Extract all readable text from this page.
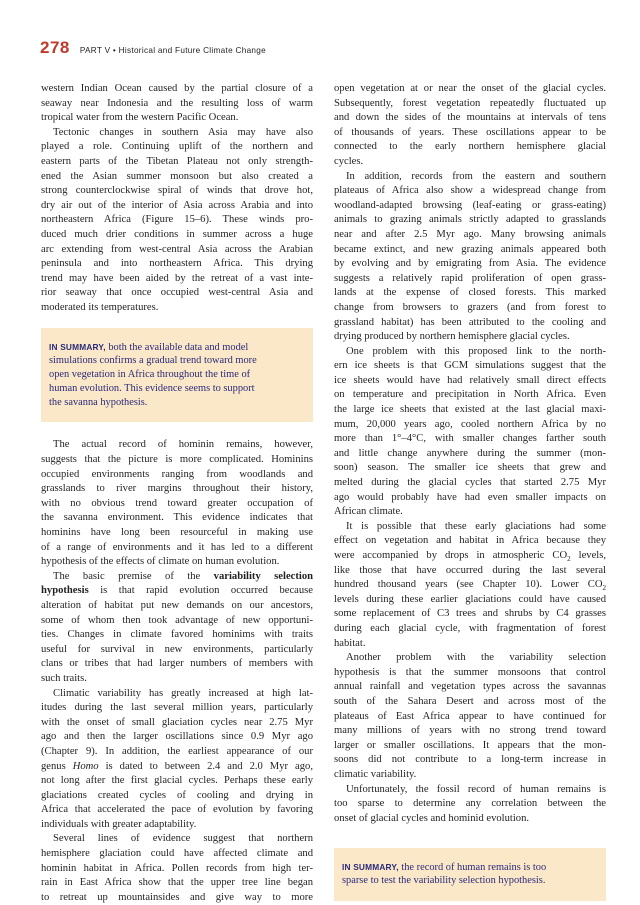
278 PART V • Historical and Future Climate Change
western Indian Ocean caused by the partial closure of a
seaway near Indonesia and the resulting loss of warm
tropical water from the western Pacific Ocean.
Tectonic changes in southern Asia may have also
played a role. Continuing uplift of the northern and
eastern parts of the Tibetan Plateau not only strength-
ened the Asian summer monsoon but also created a
strong counterclockwise spiral of winds that drove hot,
dry air out of the interior of Asia across Arabia and into
northeastern Africa (Figure 15–6). These winds pro-
duced much drier conditions in summer across a huge
arc extending from west-central Asia across the Arabian
peninsula and into northeastern Africa. This drying
trend may have been aided by the retreat of a vast inte-
rior seaway that once occupied west-central Asia and
moderated its temperatures.
IN SUMMARY, both the available data and model
simulations confirms a gradual trend toward more
open vegetation in Africa throughout the time of
human evolution. This evidence seems to support
the savanna hypothesis.
The actual record of hominin remains, however,
suggests that the picture is more complicated. Hominins
occupied environments ranging from woodlands and
grasslands to river margins throughout their history,
with no obvious trend toward greater occupation of
the savanna environment. This evidence indicates that
hominins have long been resourceful in making use
of a range of environments and it has led to a different
hypothesis of the effects of climate on human evolution.
The basic premise of the variability selection
hypothesis is that rapid evolution occurred because
alteration of habitat put new demands on our ancestors,
some of whom then took advantage of new opportuni-
ties. Changes in climate favored hominims with traits
useful for survival in new environments, particularly
clans or tribes that had larger numbers of members with
such traits.
Climatic variability has greatly increased at high lat-
itudes during the last several million years, particularly
with the onset of small glaciation cycles near 2.75 Myr
ago and then the larger oscillations since 0.9 Myr ago
(Chapter 9). In addition, the earliest appearance of our
genus Homo is dated to between 2.4 and 2.0 Myr ago,
not long after the first glacial cycles. Perhaps these early
glaciations created cycles of cooling and drying in
Africa that accelerated the pace of evolution by favoring
individuals with greater adaptability.
Several lines of evidence suggest that northern
hemisphere glaciation could have affected climate and
hominin habitat in Africa. Pollen records from high ter-
rain in East Africa show that the upper tree line began
to retreat up mountainsides and give way to more
open vegetation at or near the onset of the glacial cycles.
Subsequently, forest vegetation repeatedly fluctuated up
and down the sides of the mountains at intervals of tens
of thousands of years. These oscillations appear to be
connected to the early northern hemisphere glacial
cycles.
In addition, records from the eastern and southern
plateaus of Africa also show a widespread change from
woodland-adapted browsing (leaf-eating or grass-eating)
animals to grazing animals strictly adapted to grasslands
near and after 2.5 Myr ago. Many browsing animals
became extinct, and new grazing animals appeared both
by evolving and by emigrating from Asia. The evidence
suggests a relatively rapid proliferation of open grass-
lands at the expense of closed forests. This marked
change from browsers to grazers (and from forest to
grassland habitat) has been attributed to the cooling and
drying produced by northern hemisphere glacial cycles.
One problem with this proposed link to the north-
ern ice sheets is that GCM simulations suggest that the
ice sheets would have had relatively small direct effects
on temperature and precipitation in North Africa. Even
the large ice sheets that existed at the last glacial maxi-
mum, 20,000 years ago, cooled northern Africa by no
more than 1°–4°C, with smaller changes farther south
and little change anywhere during the summer (mon-
soon) season. The smaller ice sheets that grew and
melted during the glacial cycles that started 2.75 Myr
ago would probably have had even smaller impacts on
African climate.
It is possible that these early glaciations had some
effect on vegetation and habitat in Africa because they
were accompanied by drops in atmospheric $CO_2$ levels,
like those that have occurred during the last several
hundred thousand years (see Chapter 10). Lower $CO_2$
levels during these earlier glaciations could have caused
some replacement of C3 trees and shrubs by C4 grasses
during each glacial cycle, with fragmentation of forest
habitat.
Another problem with the variability selection
hypothesis is that the summer monsoons that control
annual rainfall and vegetation types across the savannas
south of the Sahara Desert and across most of the
plateaus of East Africa appear to have continued for
many millions of years with no strong trend toward
larger or smaller oscillations. It appears that the mon-
soons did not contribute to a long-term increase in
climatic variability.
Unfortunately, the fossil record of human remains is
too sparse to determine any correlation between the
onset of glacial cycles and hominid evolution.
IN SUMMARY, the record of human remains is too
sparse to test the variability selection hypothesis.
